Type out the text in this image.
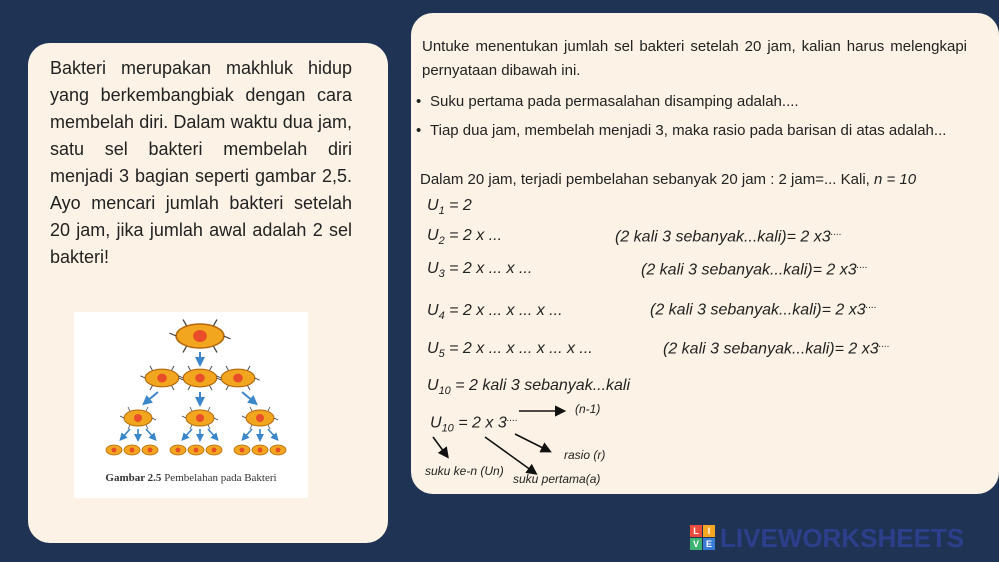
Bakteri merupakan makhluk hidup yang berkembangbiak dengan cara membelah diri. Dalam waktu dua jam, satu sel bakteri membelah diri menjadi 3 bagian seperti gambar 2,5. Ayo mencari jumlah bakteri setelah 20 jam, jika jumlah awal adalah 2 sel bakteri!
Gambar 2.5 Pembelahan pada Bakteri
Untuke menentukan jumlah sel bakteri setelah 20 jam, kalian harus melengkapi pernyataan dibawah ini.
• Suku pertama pada permasalahan disamping adalah....
• Tiap dua jam, membelah menjadi 3, maka rasio pada barisan di atas adalah...
Dalam 20 jam, terjadi pembelahan sebanyak 20 jam : 2 jam=... Kali, n = 10
$U_1 = 2$
$U_2 = 2$ x ...	(2 kali 3 sebanyak...kali)= 2 x3....
$U_3 = 2$ x ... x ...	(2 kali 3 sebanyak...kali)= 2 x3....
$U_4 = 2$ x ... x ... x ...	(2 kali 3 sebanyak...kali)= 2 x3....
$U_5 = 2$ x ... x ... x ... x ...	(2 kali 3 sebanyak...kali)= 2 x3....
$U_{10} = 2$ kali 3 sebanyak...kali
$U_{10} = 2$ x 3....
(n-1)
rasio (r)
suku ke-n (Un)
suku pertama(a)
L I
V E LIVEWORKSHEETS
